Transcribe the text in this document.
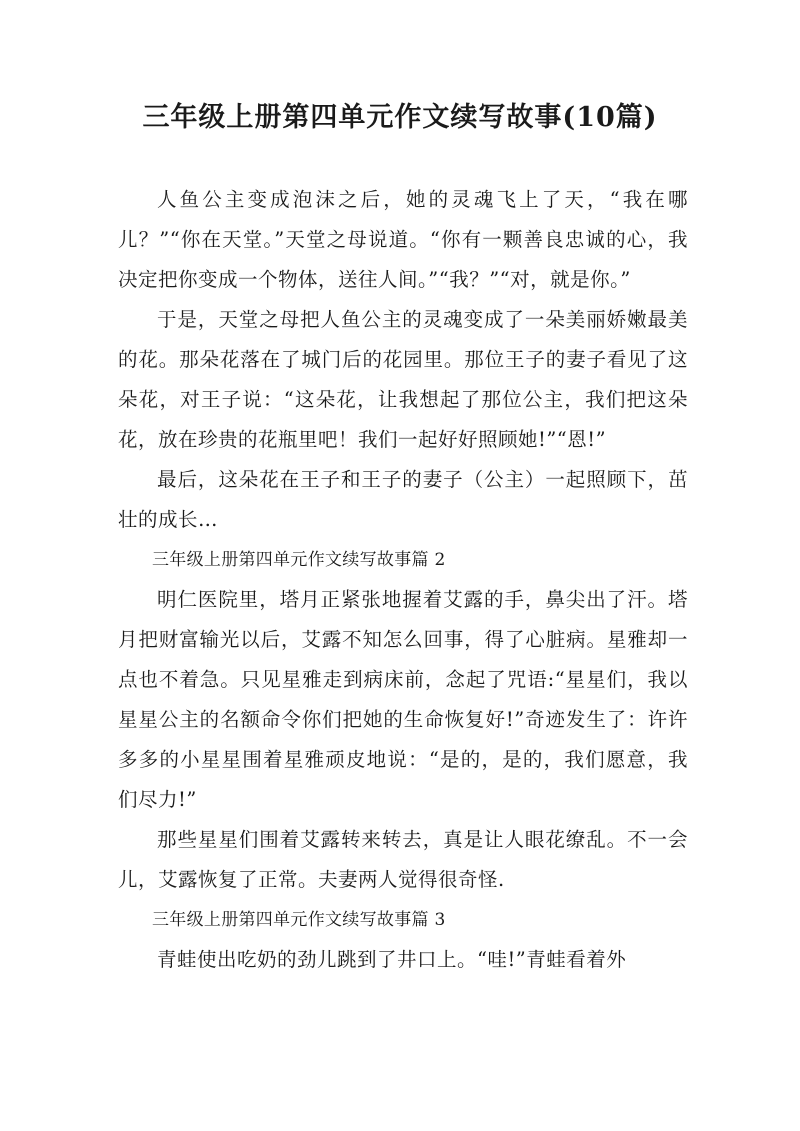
三年级上册第四单元作文续写故事(10篇)

人鱼公主变成泡沫之后，她的灵魂飞上了天，“我在哪儿？”“你在天堂。”天堂之母说道。“你有一颗善良忠诚的心，我决定把你变成一个物体，送往人间。”“我？”“对，就是你。”

于是，天堂之母把人鱼公主的灵魂变成了一朵美丽娇嫩最美的花。那朵花落在了城门后的花园里。那位王子的妻子看见了这朵花，对王子说：“这朵花，让我想起了那位公主，我们把这朵花，放在珍贵的花瓶里吧！我们一起好好照顾她!”“恩!”

最后，这朵花在王子和王子的妻子（公主）一起照顾下，茁壮的成长…

三年级上册第四单元作文续写故事篇 2

明仁医院里，塔月正紧张地握着艾露的手，鼻尖出了汗。塔月把财富输光以后，艾露不知怎么回事，得了心脏病。星雅却一点也不着急。只见星雅走到病床前，念起了咒语:“星星们，我以星星公主的名额命令你们把她的生命恢复好!”奇迹发生了：许许多多的小星星围着星雅顽皮地说：“是的，是的，我们愿意，我们尽力!”

那些星星们围着艾露转来转去，真是让人眼花缭乱。不一会儿，艾露恢复了正常。夫妻两人觉得很奇怪.

三年级上册第四单元作文续写故事篇 3

青蛙使出吃奶的劲儿跳到了井口上。“哇!”青蛙看着外
